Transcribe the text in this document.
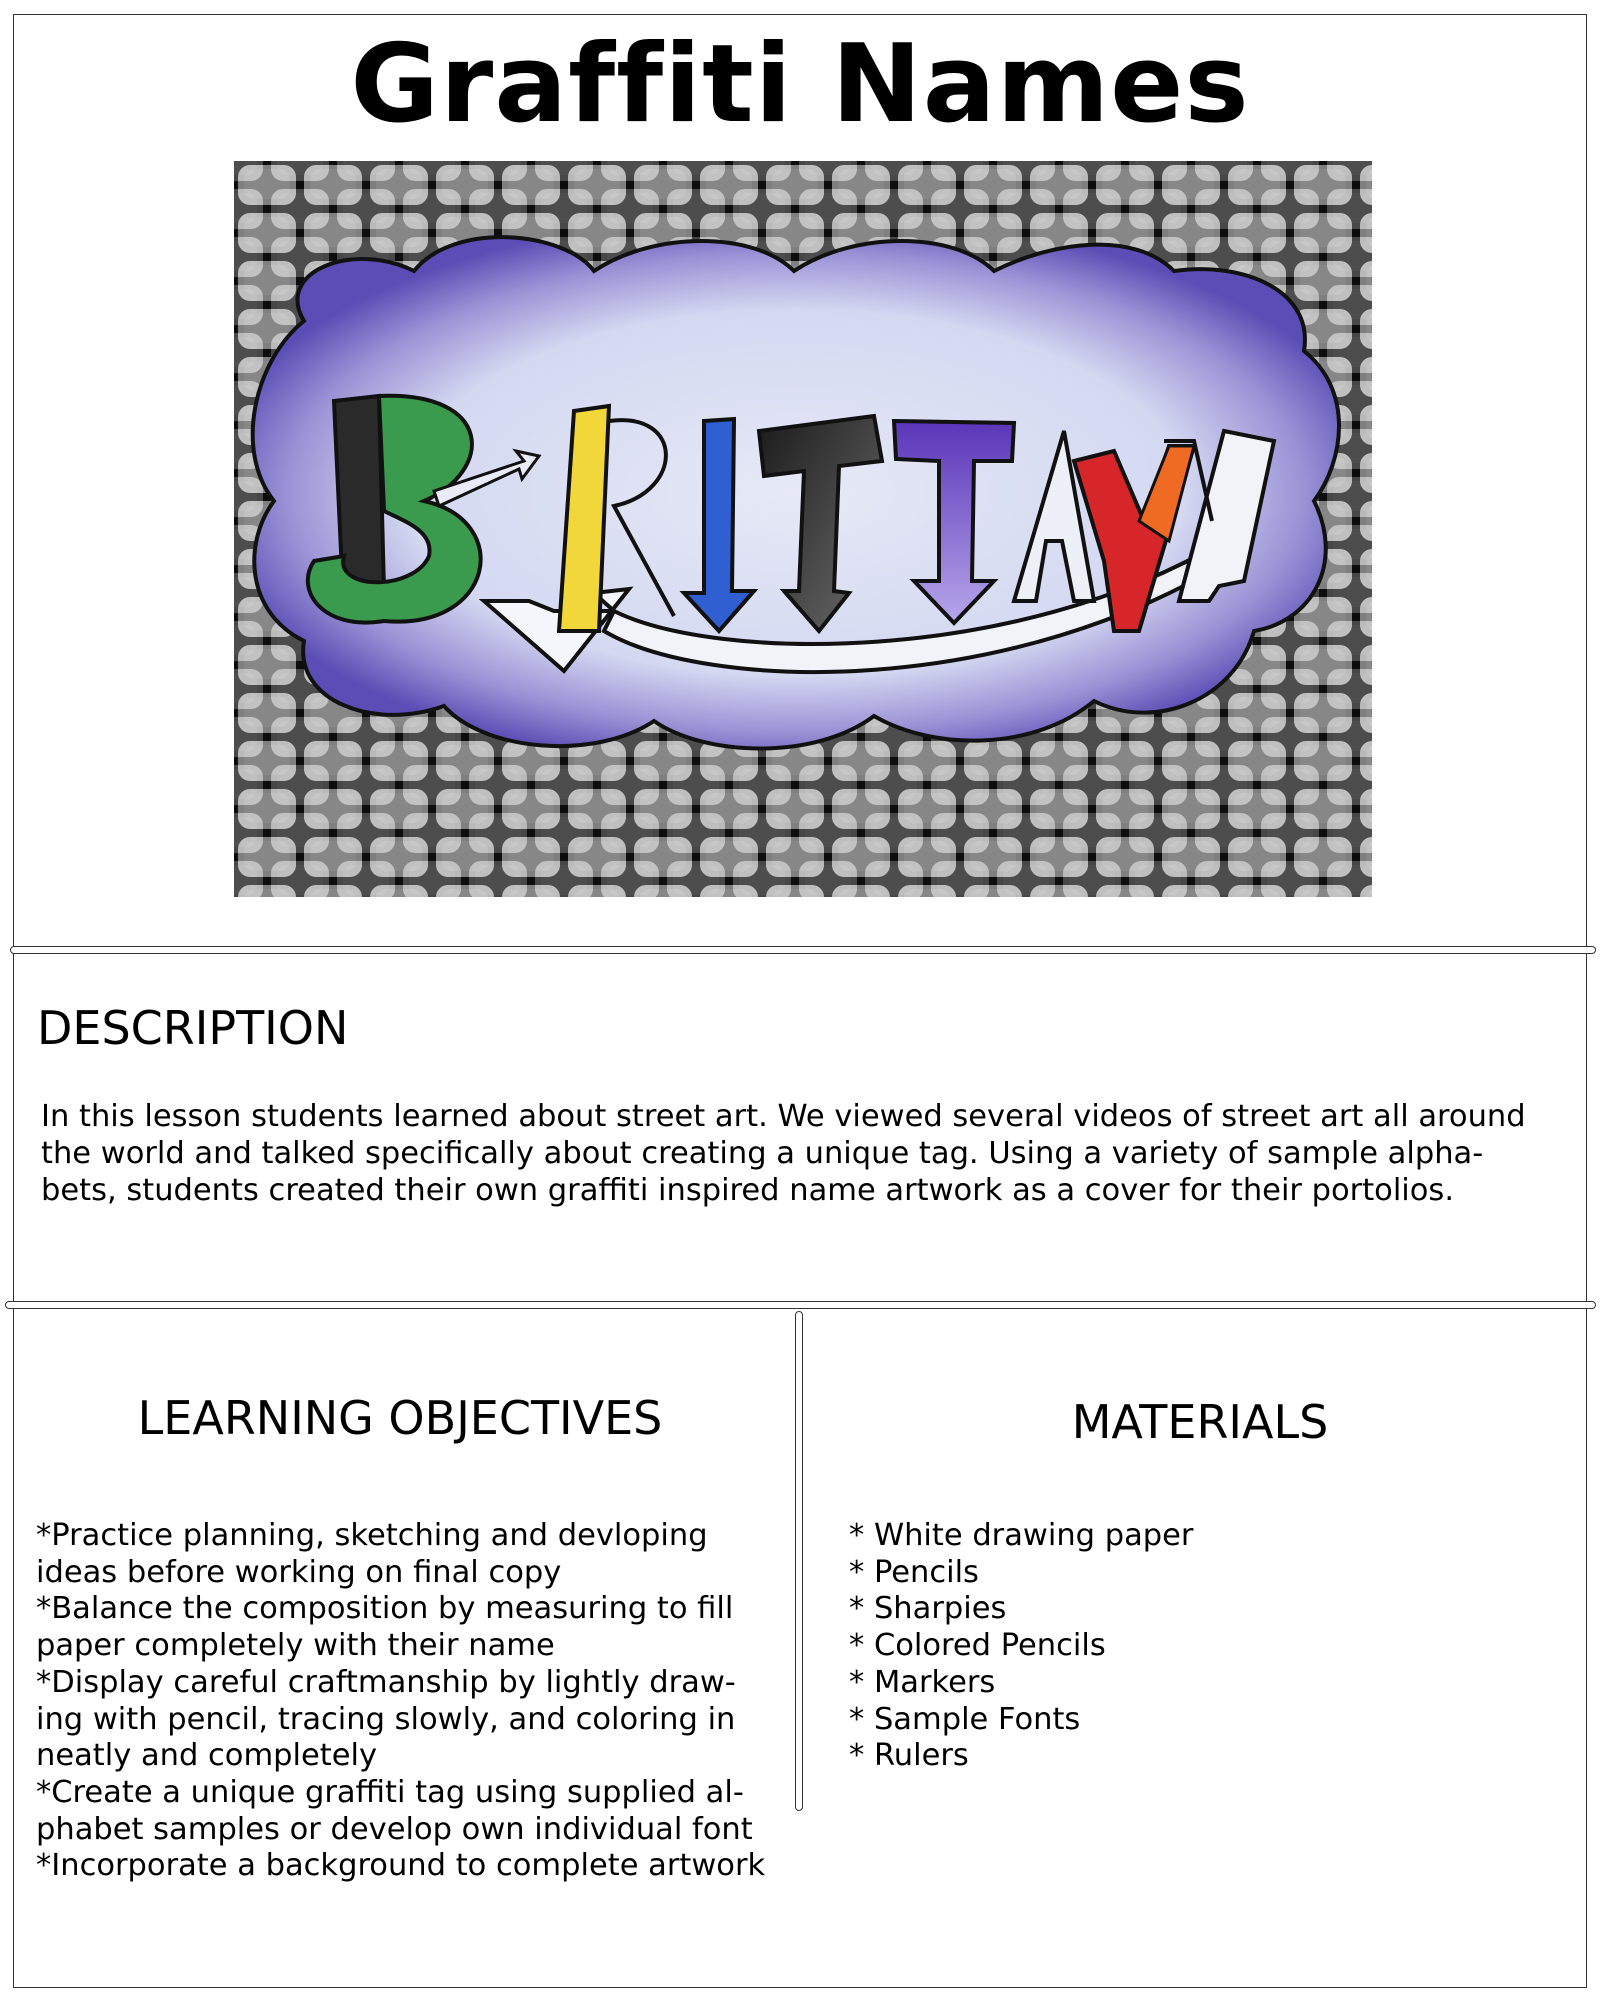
Graffiti Names
DESCRIPTION
In this lesson students learned about street art. We viewed several videos of street art all around
the world and talked specifically about creating a unique tag. Using a variety of sample alpha-
bets, students created their own graffiti inspired name artwork as a cover for their portolios.
LEARNING OBJECTIVES
*Practice planning, sketching and devloping
ideas before working on final copy
*Balance the composition by measuring to fill
paper completely with their name
*Display careful craftmanship by lightly draw-
ing with pencil, tracing slowly, and coloring in
neatly and completely
*Create a unique graffiti tag using supplied al-
phabet samples or develop own individual font
*Incorporate a background to complete artwork
MATERIALS
* White drawing paper
* Pencils
* Sharpies
* Colored Pencils
* Markers
* Sample Fonts
* Rulers
